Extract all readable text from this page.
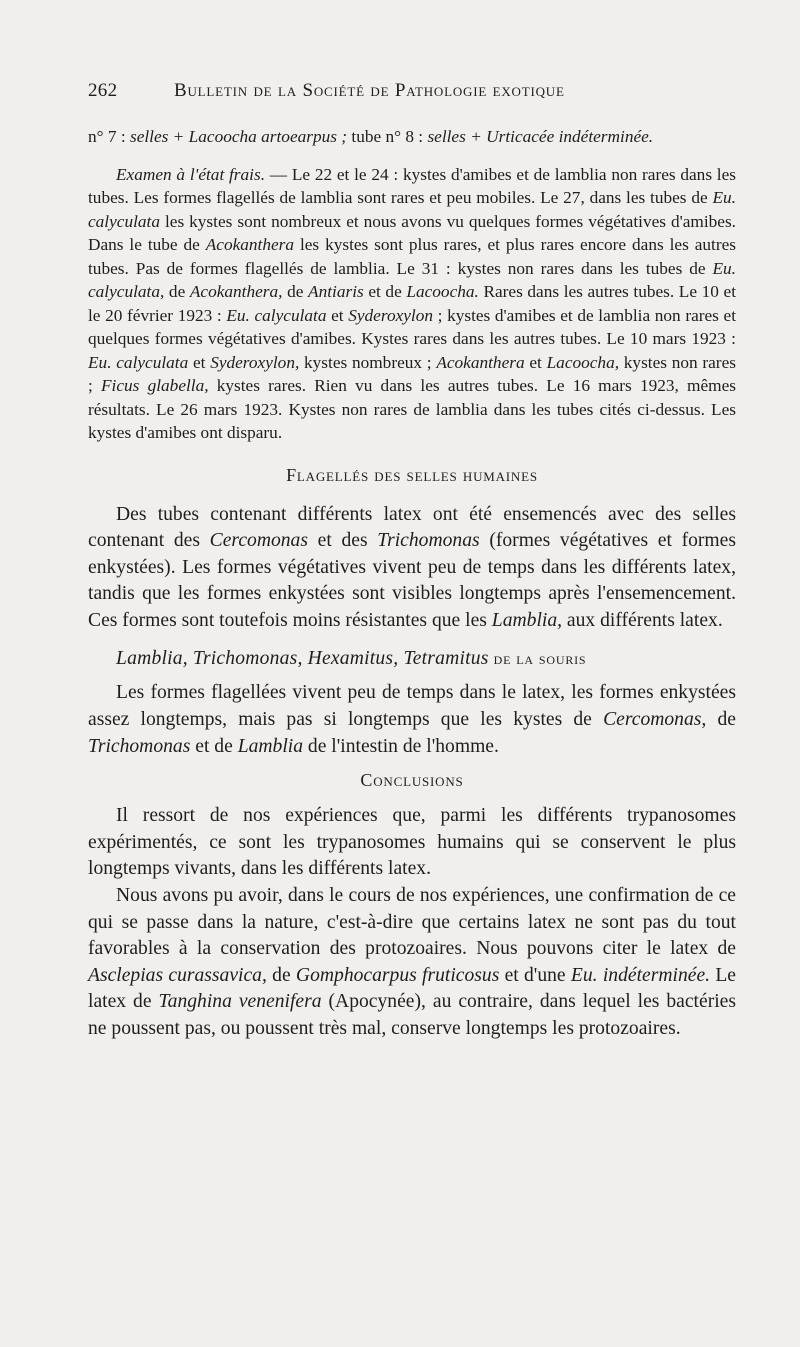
262	Bulletin de la Société de Pathologie exotique

n° 7 : selles + Lacoocha artoearpus ; tube n° 8 : selles + Urticacée indéterminée.

Examen à l'état frais. — Le 22 et le 24 : kystes d'amibes et de lamblia non rares dans les tubes. Les formes flagellés de lamblia sont rares et peu mobiles. Le 27, dans les tubes de Eu. calyculata les kystes sont nombreux et nous avons vu quelques formes végétatives d'amibes. Dans le tube de Acokanthera les kystes sont plus rares, et plus rares encore dans les autres tubes. Pas de formes flagellés de lamblia. Le 31 : kystes non rares dans les tubes de Eu. calyculata, de Acokanthera, de Antiaris et de Lacoocha. Rares dans les autres tubes. Le 10 et le 20 février 1923 : Eu. calyculata et Syderoxylon ; kystes d'amibes et de lamblia non rares et quelques formes végétatives d'amibes. Kystes rares dans les autres tubes. Le 10 mars 1923 : Eu. calyculata et Syderoxylon, kystes nombreux ; Acokanthera et Lacoocha, kystes non rares ; Ficus glabella, kystes rares. Rien vu dans les autres tubes. Le 16 mars 1923, mêmes résultats. Le 26 mars 1923. Kystes non rares de lamblia dans les tubes cités ci-dessus. Les kystes d'amibes ont disparu.

Flagellés des selles humaines

Des tubes contenant différents latex ont été ensemencés avec des selles contenant des Cercomonas et des Trichomonas (formes végétatives et formes enkystées). Les formes végétatives vivent peu de temps dans les différents latex, tandis que les formes enkystées sont visibles longtemps après l'ensemencement. Ces formes sont toutefois moins résistantes que les Lamblia, aux différents latex.

Lamblia, Trichomonas, Hexamitus, Tetramitus de la souris

Les formes flagellées vivent peu de temps dans le latex, les formes enkystées assez longtemps, mais pas si longtemps que les kystes de Cercomonas, de Trichomonas et de Lamblia de l'intestin de l'homme.

Conclusions

Il ressort de nos expériences que, parmi les différents trypanosomes expérimentés, ce sont les trypanosomes humains qui se conservent le plus longtemps vivants, dans les différents latex.

Nous avons pu avoir, dans le cours de nos expériences, une confirmation de ce qui se passe dans la nature, c'est-à-dire que certains latex ne sont pas du tout favorables à la conservation des protozoaires. Nous pouvons citer le latex de Asclepias curassavica, de Gomphocarpus fruticosus et d'une Eu. indéterminée. Le latex de Tanghina venenifera (Apocynée), au contraire, dans lequel les bactéries ne poussent pas, ou poussent très mal, conserve longtemps les protozoaires.
